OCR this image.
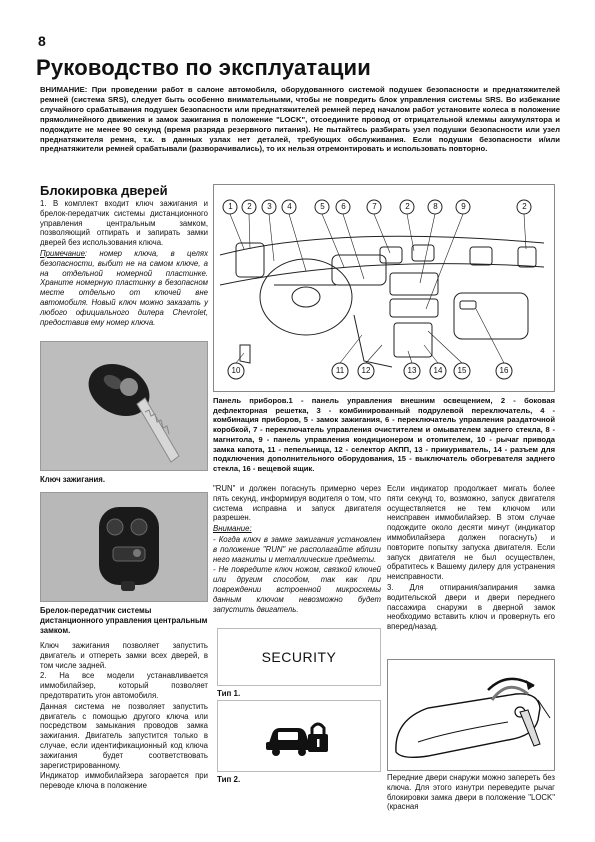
8
Руководство по эксплуатации
ВНИМАНИЕ: При проведении работ в салоне автомобиля, оборудованного системой подушек безопасности и преднатяжителей ремней (система SRS), следует быть особенно внимательными, чтобы не повредить блок управления системы SRS. Во избежание случайного срабатывания подушек безопасности или преднатяжителей ремней перед началом работ установите колеса в положение прямолинейного движения и замок зажигания в положение "LOCK", отсоедините провод от отрицательной клеммы аккумулятора и подождите не менее 90 секунд (время разряда резервного питания). Не пытайтесь разбирать узел подушки безопасности или узел преднатяжителя ремня, т.к. в данных узлах нет деталей, требующих обслуживания. Если подушки безопасности и/или преднатяжители ремней срабатывали (разворачивались), то их нельзя отремонтировать и использовать повторно.
Блокировка дверей

1. В комплект входит ключ зажигания и брелок-передатчик системы дистанционного управления центральным замком, позволяющий отпирать и запирать замки дверей без использования ключа.

Примечание: номер ключа, в целях безопасности, выбит не на самом ключе, а на отдельной номерной пластинке. Храните номерную пластинку в безопасном месте отдельно от ключей вне автомобиля. Новый ключ можно заказать у любого официального дилера Chevrolet, предоставив ему номер ключа.

Ключ зажигания.
Брелок-передатчик системы дистанционного управления центральным замком.

Ключ зажигания позволяет запустить двигатель и отпереть замки всех дверей, в том числе задней.

2. На все модели устанавливается иммобилайзер, который позволяет предотвратить угон автомобиля.

Данная система не позволяет запустить двигатель с помощью другого ключа или посредством замыкания проводов замка зажигания. Двигатель запустится только в случае, если идентификационный код ключа зажигания будет соответствовать зарегистрированному.

Индикатор иммобилайзера загорается при переводе ключа в положение

1 2 3 4	5 6	7	2	8	9	2
10	11	12	13	14	15	16
Панель приборов.1 - панель управления внешним освещением, 2 - боковая дефлекторная решетка, 3 - комбинированный подрулевой переключатель, 4 - комбинация приборов, 5 - замок зажигания, 6 - переключатель управления раздаточной коробкой, 7 - переключатель управления очистителем и омывателем заднего стекла, 8 - магнитола, 9 - панель управления кондиционером и отопителем, 10 - рычаг привода замка капота, 11 - пепельница, 12 - селектор АКПП, 13 - прикуриватель, 14 - разъем для подключения дополнительного оборудования, 15 - выключатель обогревателя заднего стекла, 16 - вещевой ящик.

"RUN" и должен погаснуть примерно через пять секунд, информируя водителя о том, что система исправна и запуск двигателя разрешен.

Внимание:

- Когда ключ в замке зажигания установлен в положение "RUN" не располагайте вблизи него магниты и металлические предметы.

- Не повредите ключ ножом, связкой ключей или другим способом, так как при повреждении встроенной микросхемы данным ключом невозможно будет запустить двигатель.

SECURITY
Тип 1.
Тип 2.

Если индикатор продолжает мигать более пяти секунд то, возможно, запуск двигателя осуществляется не тем ключом или неисправен иммобилайзер. В этом случае подождите около десяти минут (индикатор иммобилайзера должен погаснуть) и повторите попытку запуска двигателя. Если запуск двигателя не был осуществлен, обратитесь к Вашему дилеру для устранения неисправности.

3. Для отпирания/запирания замка водительской двери и двери переднего пассажира снаружи в дверной замок необходимо вставить ключ и провернуть его вперед/назад.

Передние двери снаружи можно запереть без ключа. Для этого изнутри переведите рычаг блокировки замка двери в положение "LOCK" (красная
